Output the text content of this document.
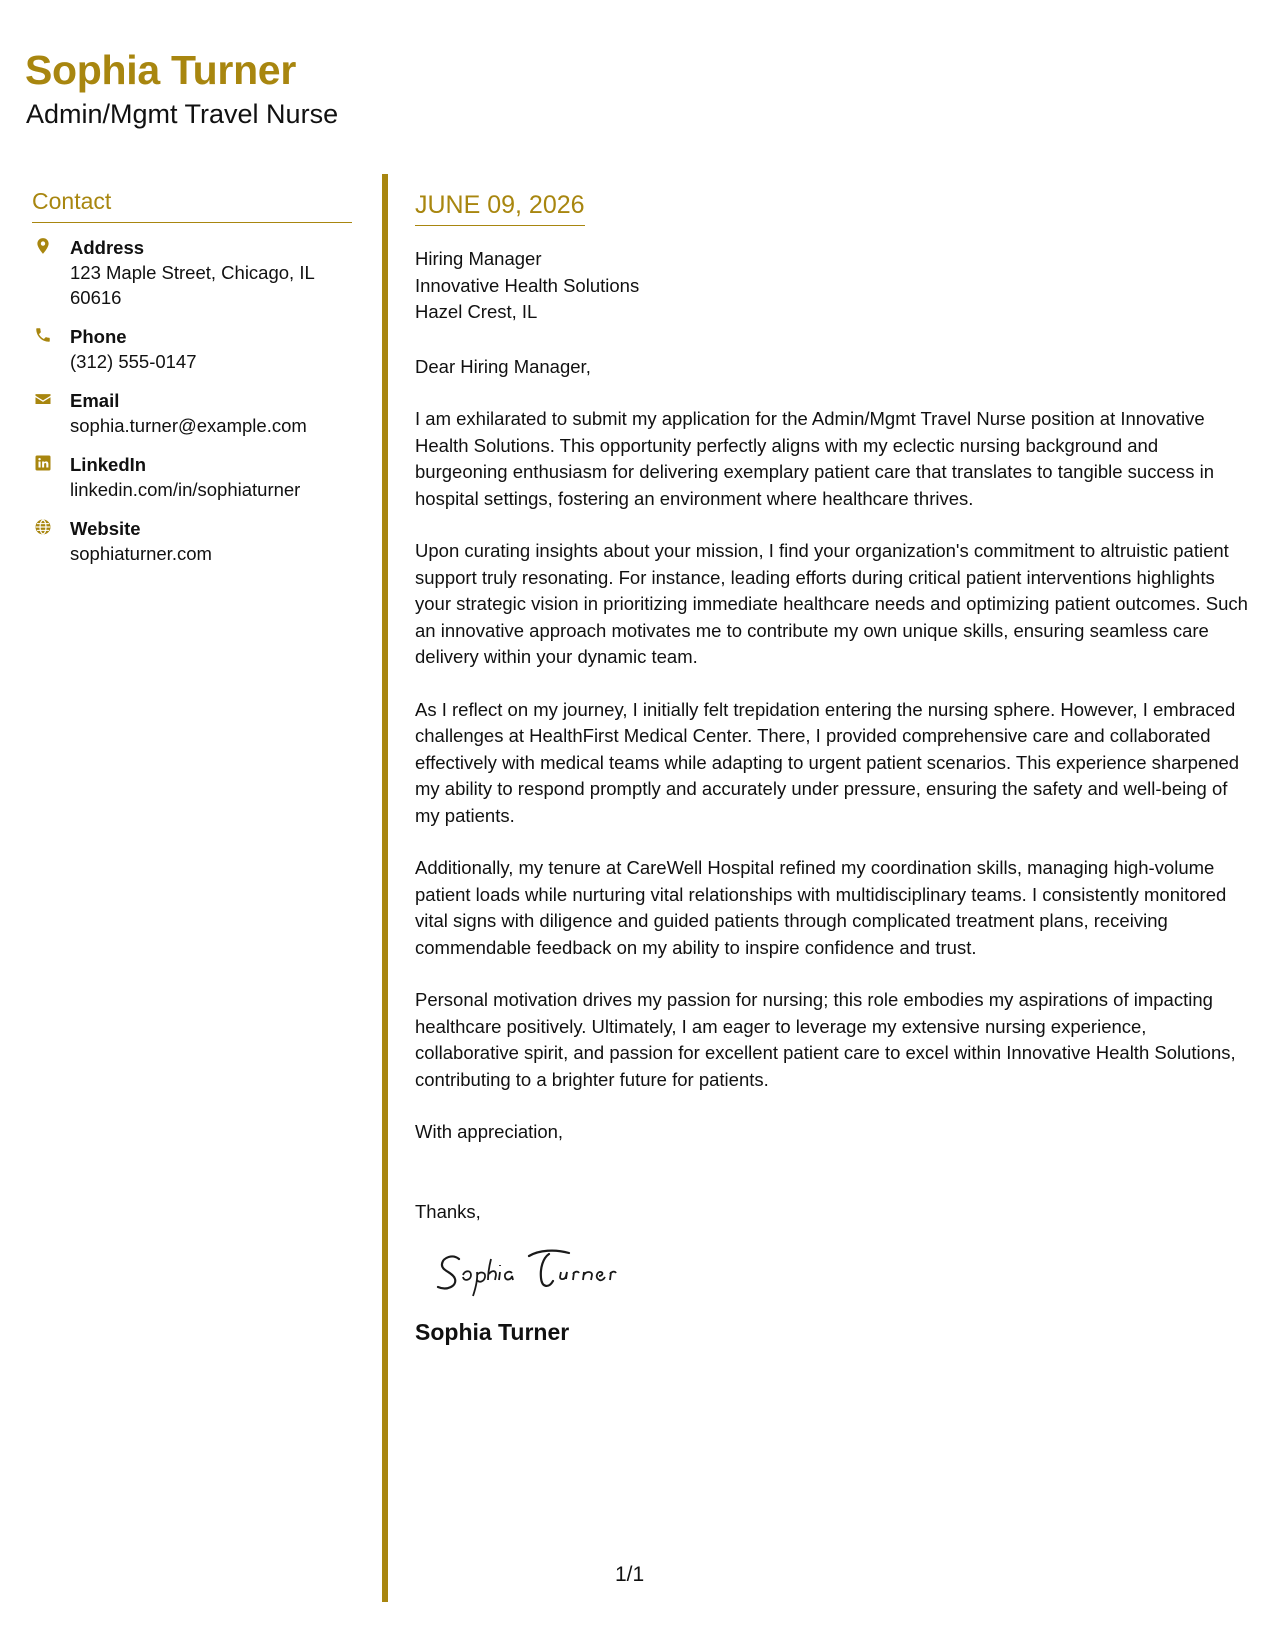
Sophia Turner
Admin/Mgmt Travel Nurse
Contact
Address
123 Maple Street, Chicago, IL 60616
Phone
(312) 555-0147
Email
sophia.turner@example.com
LinkedIn
linkedin.com/in/sophiaturner
Website
sophiaturner.com
JUNE 09, 2026
Hiring Manager
Innovative Health Solutions
Hazel Crest, IL
Dear Hiring Manager,
I am exhilarated to submit my application for the Admin/Mgmt Travel Nurse position at Innovative Health Solutions. This opportunity perfectly aligns with my eclectic nursing background and burgeoning enthusiasm for delivering exemplary patient care that translates to tangible success in hospital settings, fostering an environment where healthcare thrives.
Upon curating insights about your mission, I find your organization's commitment to altruistic patient support truly resonating. For instance, leading efforts during critical patient interventions highlights your strategic vision in prioritizing immediate healthcare needs and optimizing patient outcomes. Such an innovative approach motivates me to contribute my own unique skills, ensuring seamless care delivery within your dynamic team.
As I reflect on my journey, I initially felt trepidation entering the nursing sphere. However, I embraced challenges at HealthFirst Medical Center. There, I provided comprehensive care and collaborated effectively with medical teams while adapting to urgent patient scenarios. This experience sharpened my ability to respond promptly and accurately under pressure, ensuring the safety and well-being of my patients.
Additionally, my tenure at CareWell Hospital refined my coordination skills, managing high-volume patient loads while nurturing vital relationships with multidisciplinary teams. I consistently monitored vital signs with diligence and guided patients through complicated treatment plans, receiving commendable feedback on my ability to inspire confidence and trust.
Personal motivation drives my passion for nursing; this role embodies my aspirations of impacting healthcare positively. Ultimately, I am eager to leverage my extensive nursing experience, collaborative spirit, and passion for excellent patient care to excel within Innovative Health Solutions, contributing to a brighter future for patients.
With appreciation,
Thanks,
Sophia Turner
1/1
